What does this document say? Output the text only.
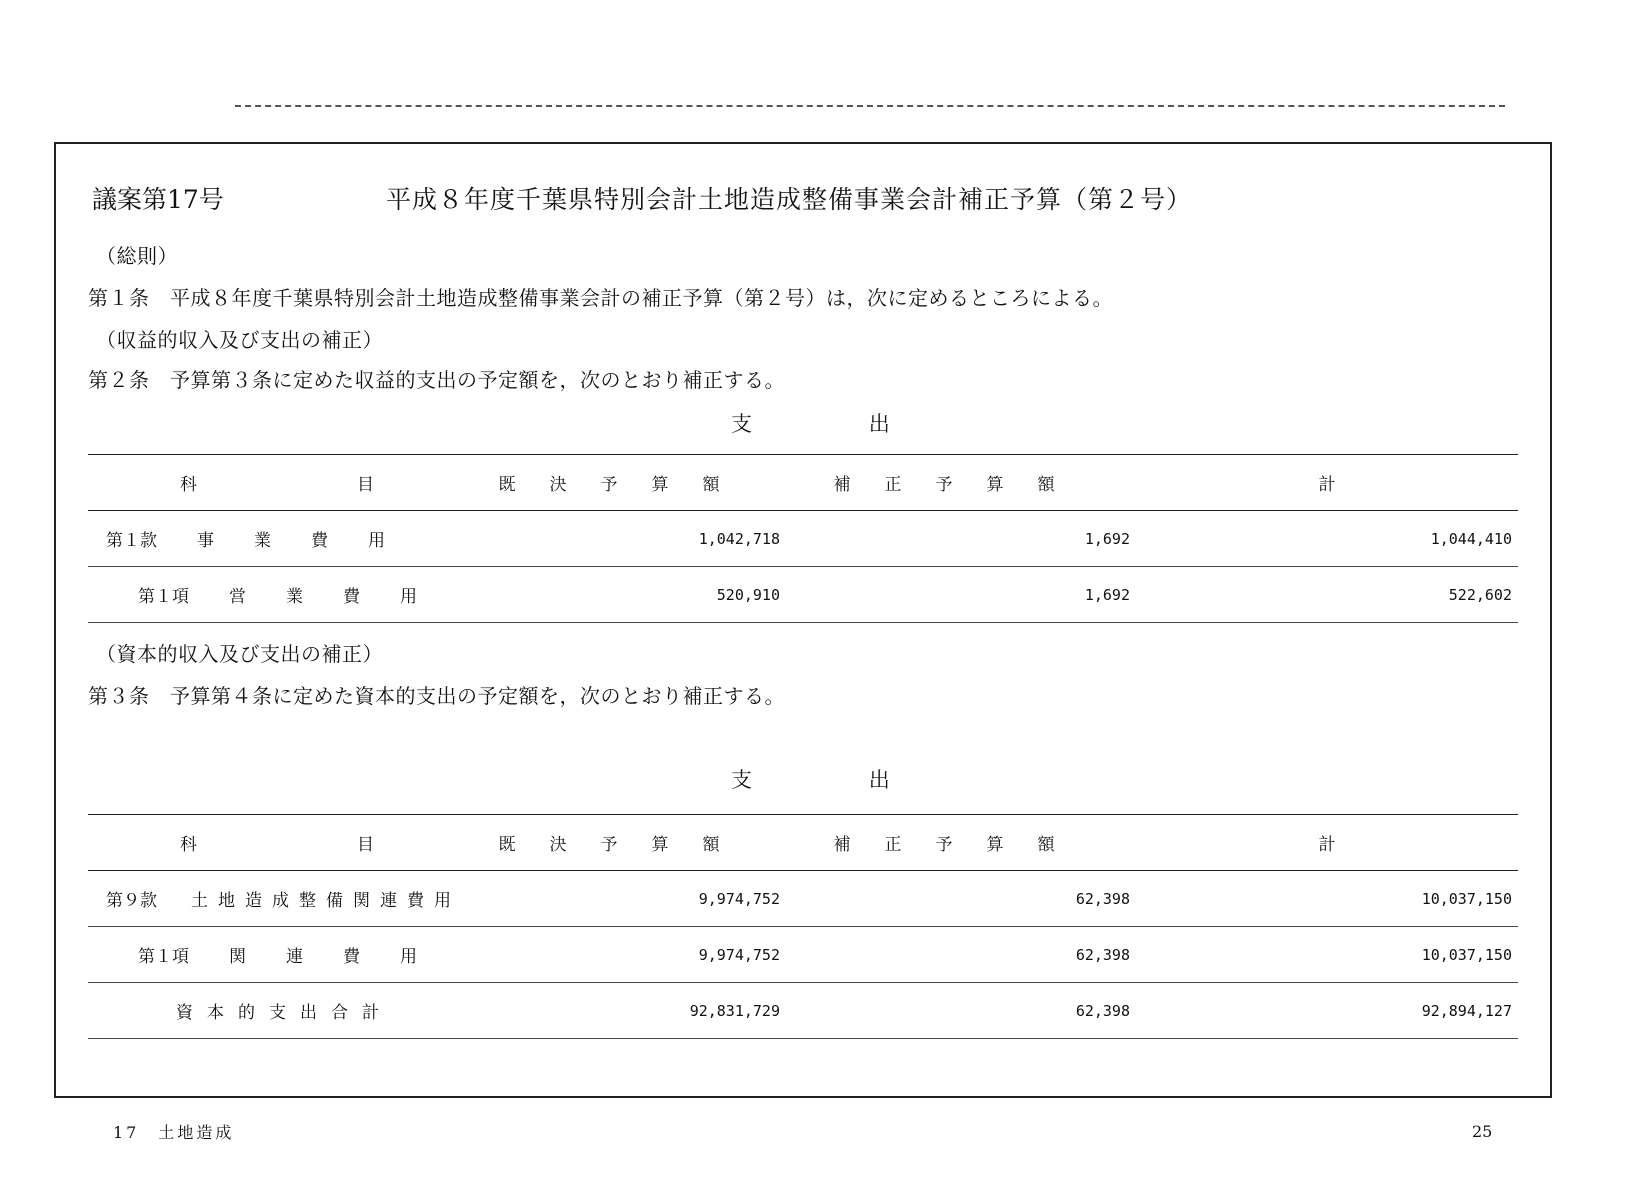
議案第17号	平成８年度千葉県特別会計土地造成整備事業会計補正予算（第２号）
（総則）
第１条　平成８年度千葉県特別会計土地造成整備事業会計の補正予算（第２号）は，次に定めるところによる。
（収益的収入及び支出の補正）
第２条　予算第３条に定めた収益的支出の予定額を，次のとおり補正する。
支	出
科 目	既決予算額	補正予算額	計
第１款 事業費用	1,042,718	1,692	1,044,410
第１項 営業費用	520,910	1,692	522,602
（資本的収入及び支出の補正）
第３条　予算第４条に定めた資本的支出の予定額を，次のとおり補正する。
支	出
科 目	既決予算額	補正予算額	計
第９款 土地造成整備関連費用	9,974,752	62,398	10,037,150
第１項 関連費用	9,974,752	62,398	10,037,150
資本的支出合計	92,831,729	62,398	92,894,127
17　土地造成	25
